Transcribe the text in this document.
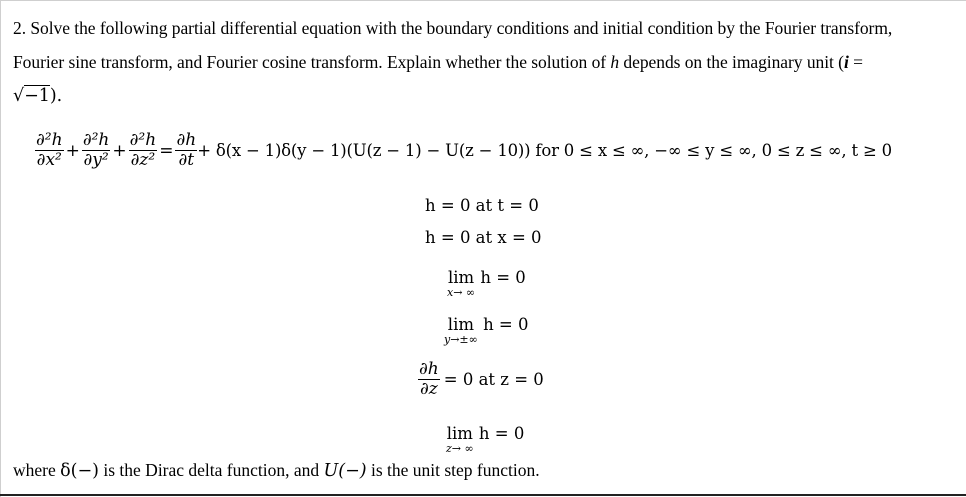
2. Solve the following partial differential equation with the boundary conditions and initial condition by the Fourier transform,
Fourier sine transform, and Fourier cosine transform. Explain whether the solution of h depends on the imaginary unit (i =
√−1).
$\frac{\text{∂²h}}{\text{∂x²}} + \frac{\text{∂²h}}{\text{∂y²}} + \frac{\text{∂²h}}{\text{∂z²}} = \frac{\partial h}{\partial t} + \delta(x - 1)\delta(y - 1)(U(z - 1) - U(z - 10))$ for 0 ≤ x ≤ ∞, −∞ ≤ y ≤ ∞, 0 ≤ z ≤ ∞, t ≥ 0
h = 0 at t = 0
h = 0 at x = 0
lim
x→ ∞
h = 0
lim
y→±∞
h = 0
$\frac{\partial h}{\partial z} = 0$ at z = 0
lim
z→ ∞
h = 0
where δ(−) is the Dirac delta function, and U(−) is the unit step function.
